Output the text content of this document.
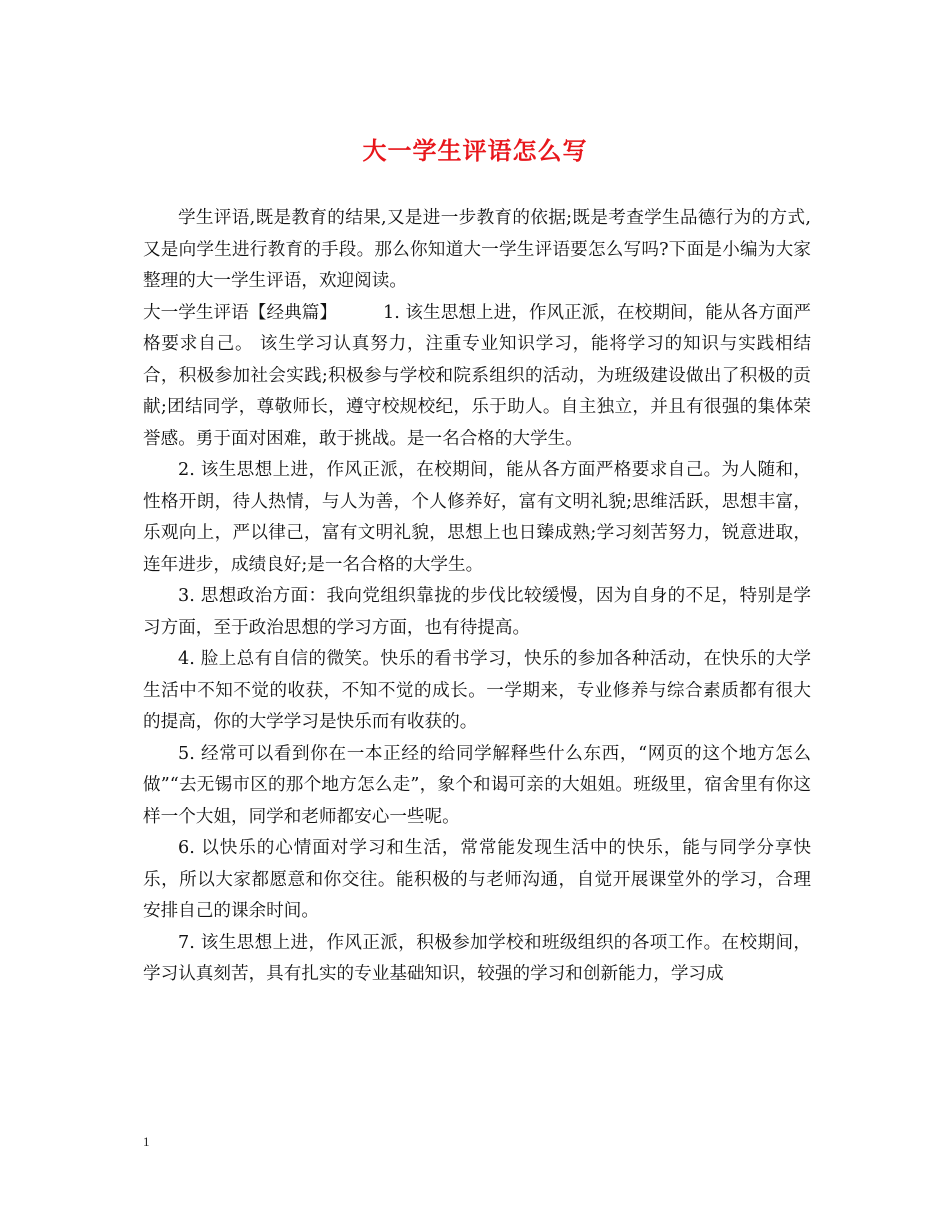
大一学生评语怎么写

学生评语,既是教育的结果,又是进一步教育的依据;既是考查学生品德行为的方式,又是向学生进行教育的手段。那么你知道大一学生评语要怎么写吗?下面是小编为大家整理的大一学生评语，欢迎阅读。

大一学生评语【经典篇】	1. 该生思想上进，作风正派，在校期间，能从各方面严格要求自己。 该生学习认真努力，注重专业知识学习，能将学习的知识与实践相结合，积极参加社会实践;积极参与学校和院系组织的活动，为班级建设做出了积极的贡献;团结同学，尊敬师长，遵守校规校纪，乐于助人。自主独立，并且有很强的集体荣誉感。勇于面对困难，敢于挑战。是一名合格的大学生。

2. 该生思想上进，作风正派，在校期间，能从各方面严格要求自己。为人随和，性格开朗，待人热情，与人为善，个人修养好，富有文明礼貌;思维活跃，思想丰富，乐观向上，严以律己，富有文明礼貌，思想上也日臻成熟;学习刻苦努力，锐意进取，连年进步，成绩良好;是一名合格的大学生。

3. 思想政治方面：我向党组织靠拢的步伐比较缓慢，因为自身的不足，特别是学习方面，至于政治思想的学习方面，也有待提高。

4. 脸上总有自信的微笑。快乐的看书学习，快乐的参加各种活动，在快乐的大学生活中不知不觉的收获，不知不觉的成长。一学期来，专业修养与综合素质都有很大的提高，你的大学学习是快乐而有收获的。

5. 经常可以看到你在一本正经的给同学解释些什么东西，“网页的这个地方怎么做”“去无锡市区的那个地方怎么走”，象个和谒可亲的大姐姐。班级里，宿舍里有你这样一个大姐，同学和老师都安心一些呢。

6. 以快乐的心情面对学习和生活，常常能发现生活中的快乐，能与同学分享快乐，所以大家都愿意和你交往。能积极的与老师沟通，自觉开展课堂外的学习，合理安排自己的课余时间。

7. 该生思想上进，作风正派，积极参加学校和班级组织的各项工作。在校期间，学习认真刻苦，具有扎实的专业基础知识，较强的学习和创新能力，学习成

1
